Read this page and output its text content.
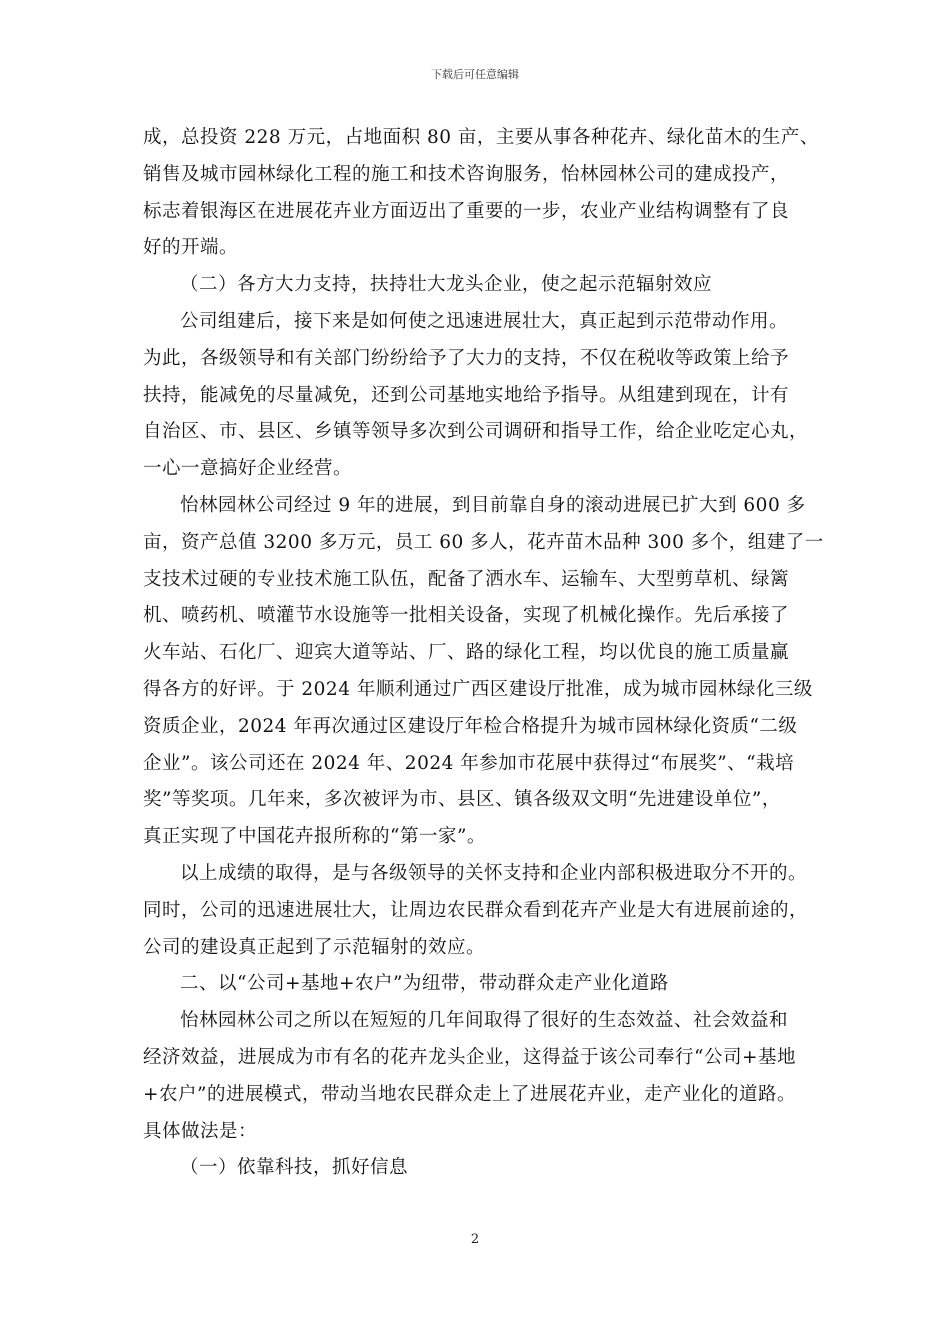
下载后可任意编辑
成，总投资 228 万元，占地面积 80 亩，主要从事各种花卉、绿化苗木的生产、
销售及城市园林绿化工程的施工和技术咨询服务，怡林园林公司的建成投产，
标志着银海区在进展花卉业方面迈出了重要的一步，农业产业结构调整有了良
好的开端。
（二）各方大力支持，扶持壮大龙头企业，使之起示范辐射效应
公司组建后，接下来是如何使之迅速进展壮大，真正起到示范带动作用。
为此，各级领导和有关部门纷纷给予了大力的支持，不仅在税收等政策上给予
扶持，能减免的尽量减免，还到公司基地实地给予指导。从组建到现在，计有
自治区、市、县区、乡镇等领导多次到公司调研和指导工作，给企业吃定心丸，
一心一意搞好企业经营。
怡林园林公司经过 9 年的进展，到目前靠自身的滚动进展已扩大到 600 多
亩，资产总值 3200 多万元，员工 60 多人，花卉苗木品种 300 多个，组建了一
支技术过硬的专业技术施工队伍，配备了洒水车、运输车、大型剪草机、绿篱
机、喷药机、喷灌节水设施等一批相关设备，实现了机械化操作。先后承接了
火车站、石化厂、迎宾大道等站、厂、路的绿化工程，均以优良的施工质量赢
得各方的好评。于 2024 年顺利通过广西区建设厅批准，成为城市园林绿化三级
资质企业，2024 年再次通过区建设厅年检合格提升为城市园林绿化资质“二级
企业”。该公司还在 2024 年、2024 年参加市花展中获得过“布展奖”、“栽培
奖”等奖项。几年来，多次被评为市、县区、镇各级双文明“先进建设单位”，
真正实现了中国花卉报所称的“第一家”。
以上成绩的取得，是与各级领导的关怀支持和企业内部积极进取分不开的。
同时，公司的迅速进展壮大，让周边农民群众看到花卉产业是大有进展前途的，
公司的建设真正起到了示范辐射的效应。
二、以“公司+基地+农户”为纽带，带动群众走产业化道路
怡林园林公司之所以在短短的几年间取得了很好的生态效益、社会效益和
经济效益，进展成为市有名的花卉龙头企业，这得益于该公司奉行“公司+基地
+农户”的进展模式，带动当地农民群众走上了进展花卉业，走产业化的道路。
具体做法是：
（一）依靠科技，抓好信息
2
